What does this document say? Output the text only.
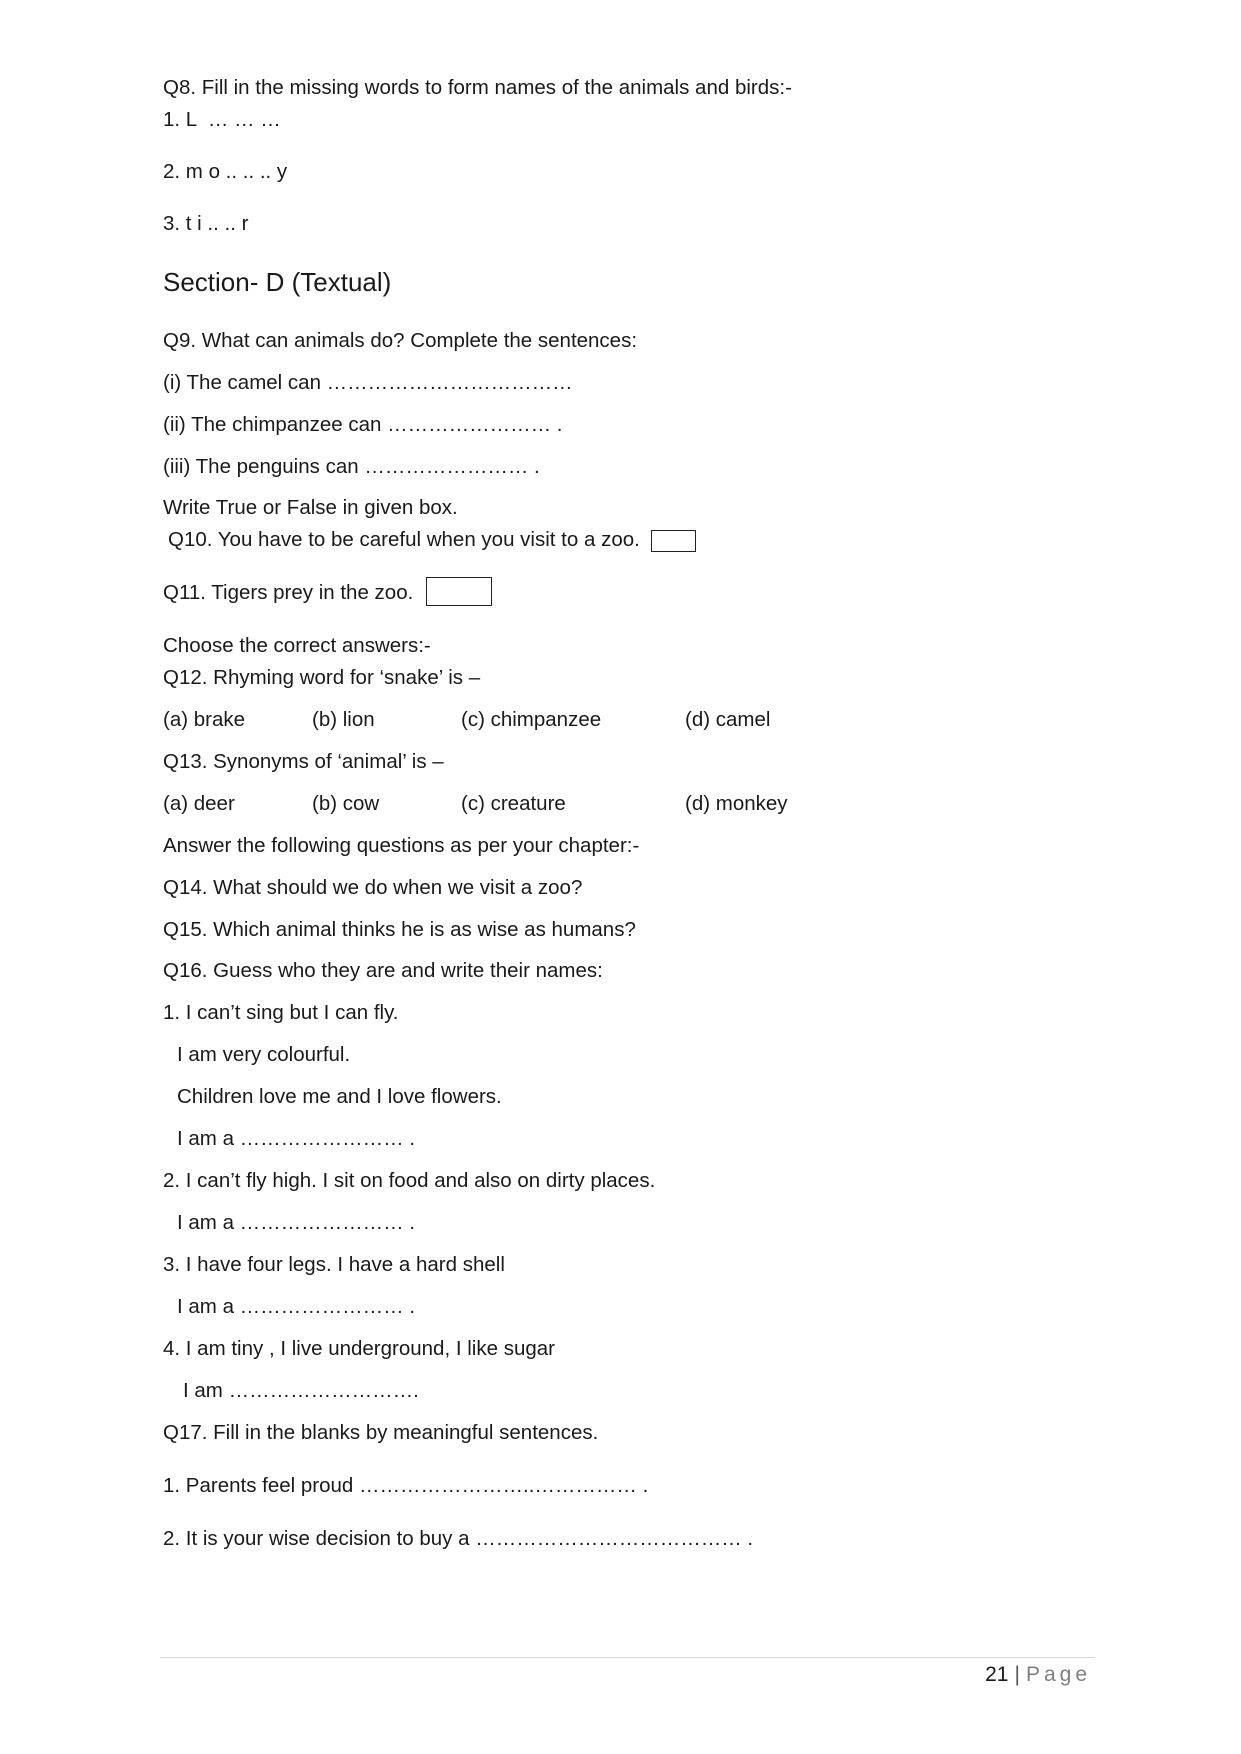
Q8. Fill in the missing words to form names of the animals and birds:-
1. L  … … …
2. m o .. .. .. y
3. t i .. .. r
Section- D (Textual)
Q9. What can animals do? Complete the sentences:
(i) The camel can ………………………………
(ii) The chimpanzee can …………………… .
(iii) The penguins can …………………… .
Write True or False in given box.
Q10. You have to be careful when you visit to a zoo.
Q11. Tigers prey in the zoo.
Choose the correct answers:-
Q12. Rhyming word for ‘snake’ is –
(a) brake	(b) lion	(c) chimpanzee	(d) camel
Q13. Synonyms of ‘animal’ is –
(a) deer	(b) cow	(c) creature	(d) monkey
Answer the following questions as per your chapter:-
Q14. What should we do when we visit a zoo?
Q15. Which animal thinks he is as wise as humans?
Q16. Guess who they are and write their names:
1. I can’t sing but I can fly.
I am very colourful.
Children love me and I love flowers.
I am a …………………… .
2. I can’t fly high. I sit on food and also on dirty places.
I am a …………………… .
3. I have four legs. I have a hard shell
I am a …………………… .
4. I am tiny , I live underground, I like sugar
I am ……………………….
Q17. Fill in the blanks by meaningful sentences.
1. Parents feel proud ……………………..…………… .
2. It is your wise decision to buy a ………………………………… .
21 | Page
